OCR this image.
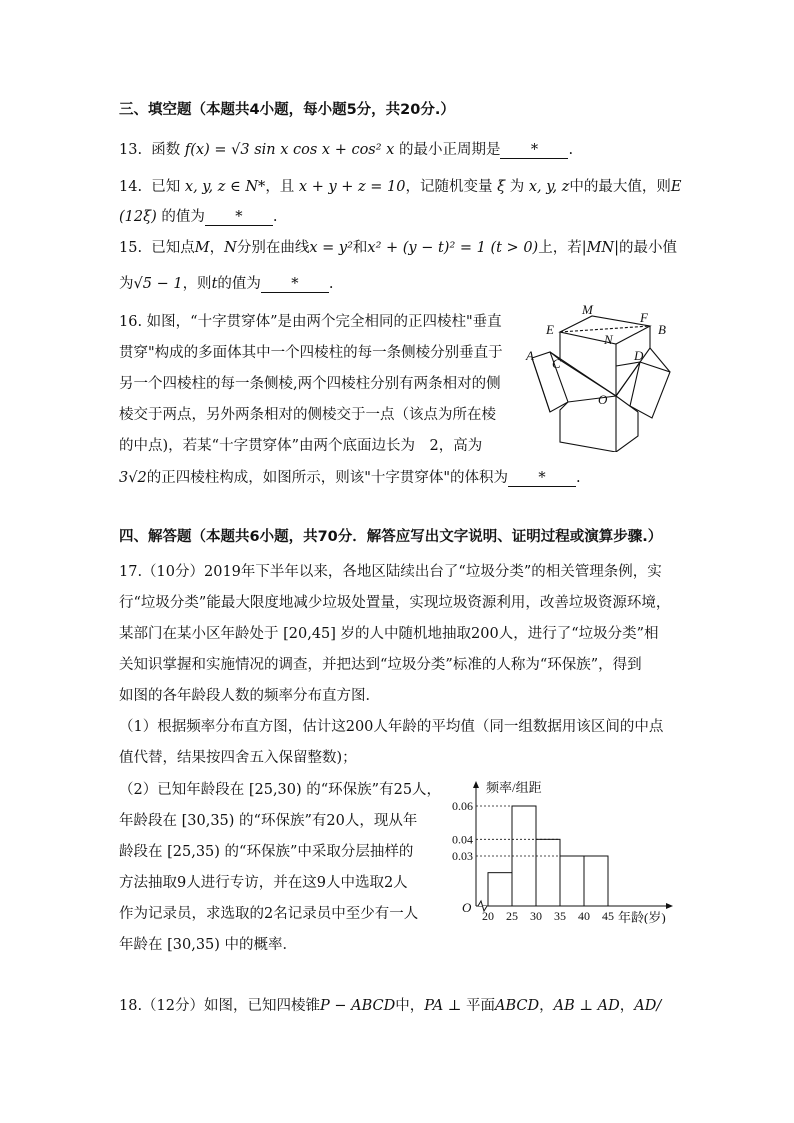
三、填空题（本题共4小题，每小题5分，共20分.）
13. 函数 f(x) = √3 sin x cos x + cos² x 的最小正周期是 * .
14. 已知 x, y, z ∈ N*，且 x + y + z = 10，记随机变量 ξ 为 x, y, z中的最大值，则E
(12ξ) 的值为 * .
15. 已知点M，N分别在曲线x = y²和x² + (y − t)² = 1 (t > 0)上，若|MN|的最小值
为√5 − 1，则t的值为 * .
16. 如图，“十字贯穿体”是由两个完全相同的正四棱柱"垂直
贯穿"构成的多面体其中一个四棱柱的每一条侧棱分别垂直于
另一个四棱柱的每一条侧棱,两个四棱柱分别有两条相对的侧
棱交于两点，另外两条相对的侧棱交于一点（该点为所在棱
的中点)，若某“十字贯穿体”由两个底面边长为　2，高为
3√2的正四棱柱构成，如图所示，则该"十字贯穿体"的体积为 * .
M
F
B
E
N
A
C
D
O
四、解答题（本题共6小题，共70分．解答应写出文字说明、证明过程或演算步骤.）
17.（10分）2019年下半年以来，各地区陆续出台了“垃圾分类”的相关管理条例，实
行“垃圾分类”能最大限度地减少垃圾处置量，实现垃圾资源利用，改善垃圾资源环境，
某部门在某小区年龄处于 [20,45] 岁的人中随机地抽取200人，进行了“垃圾分类”相
关知识掌握和实施情况的调查，并把达到“垃圾分类”标准的人称为“环保族”，得到
如图的各年龄段人数的频率分布直方图．
（1）根据频率分布直方图，估计这200人年龄的平均值（同一组数据用该区间的中点
值代替，结果按四舍五入保留整数)；
（2）已知年龄段在 [25,30) 的“环保族”有25人，
年龄段在 [30,35) 的“环保族”有20人，现从年
龄段在 [25,35) 的“环保族”中采取分层抽样的
方法抽取9人进行专访，并在这9人中选取2人
作为记录员，求选取的2名记录员中至少有一人
年龄在 [30,35) 中的概率．
0.06
0.04
0.03
20 25 30 35 40 45
O
频率/组距
年龄(岁)
18.（12分）如图，已知四棱锥P − ABCD中，PA ⊥ 平面ABCD，AB ⊥ AD，AD/
